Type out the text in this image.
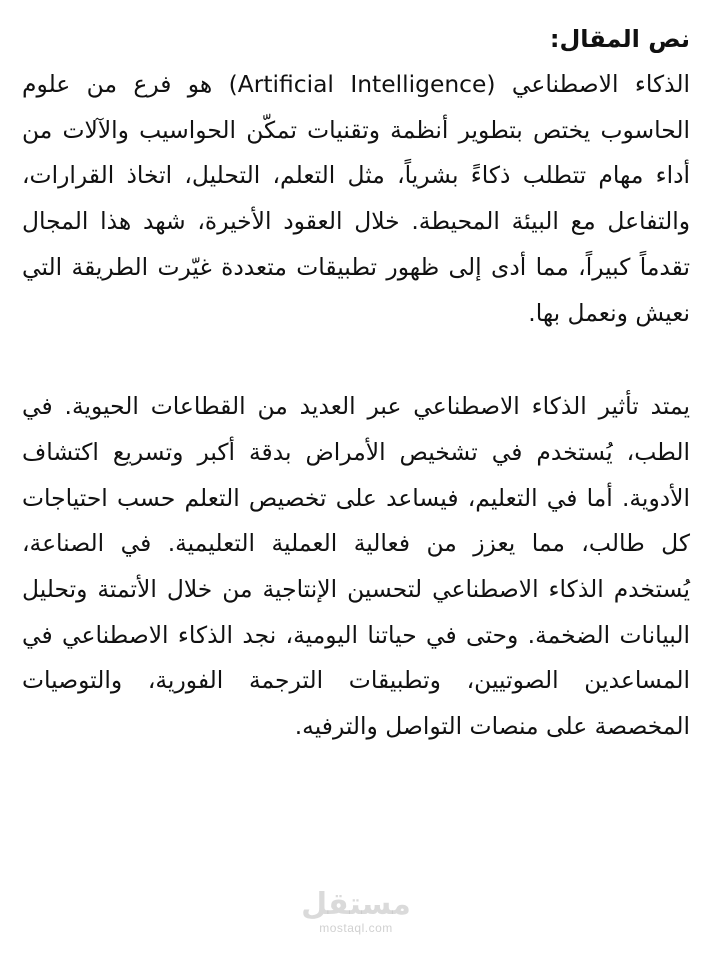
نص المقال:

الذكاء الاصطناعي (Artificial Intelligence) هو فرع من علوم الحاسوب يختص بتطوير أنظمة وتقنيات تمكّن الحواسيب والآلات من أداء مهام تتطلب ذكاءً بشرياً، مثل التعلم، التحليل، اتخاذ القرارات، والتفاعل مع البيئة المحيطة. خلال العقود الأخيرة، شهد هذا المجال تقدماً كبيراً، مما أدى إلى ظهور تطبيقات متعددة غيّرت الطريقة التي نعيش ونعمل بها.

يمتد تأثير الذكاء الاصطناعي عبر العديد من القطاعات الحيوية. في الطب، يُستخدم في تشخيص الأمراض بدقة أكبر وتسريع اكتشاف الأدوية. أما في التعليم، فيساعد على تخصيص التعلم حسب احتياجات كل طالب، مما يعزز من فعالية العملية التعليمية. في الصناعة، يُستخدم الذكاء الاصطناعي لتحسين الإنتاجية من خلال الأتمتة وتحليل البيانات الضخمة. وحتى في حياتنا اليومية، نجد الذكاء الاصطناعي في المساعدين الصوتيين، وتطبيقات الترجمة الفورية، والتوصيات المخصصة على منصات التواصل والترفيه.

مستقل
mostaql.com
